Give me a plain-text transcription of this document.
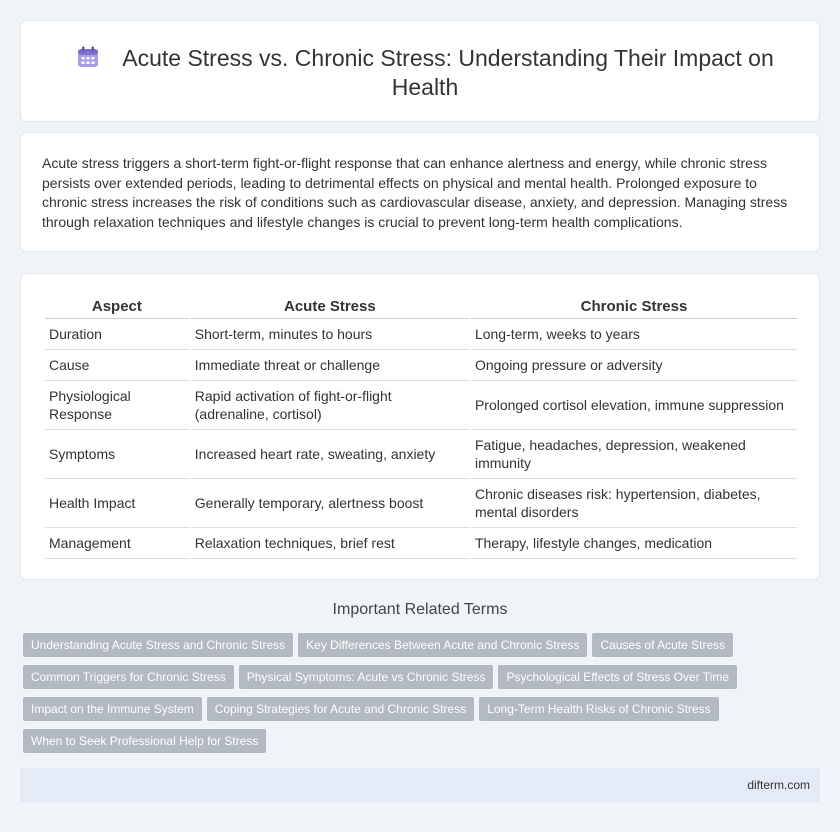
Acute Stress vs. Chronic Stress: Understanding Their Impact on Health

Acute stress triggers a short-term fight-or-flight response that can enhance alertness and energy, while chronic stress persists over extended periods, leading to detrimental effects on physical and mental health. Prolonged exposure to chronic stress increases the risk of conditions such as cardiovascular disease, anxiety, and depression. Managing stress through relaxation techniques and lifestyle changes is crucial to prevent long-term health complications.

Aspect	Acute Stress	Chronic Stress
Duration	Short-term, minutes to hours	Long-term, weeks to years
Cause	Immediate threat or challenge	Ongoing pressure or adversity
Physiological Response	Rapid activation of fight-or-flight (adrenaline, cortisol)	Prolonged cortisol elevation, immune suppression
Symptoms	Increased heart rate, sweating, anxiety	Fatigue, headaches, depression, weakened immunity
Health Impact	Generally temporary, alertness boost	Chronic diseases risk: hypertension, diabetes, mental disorders
Management	Relaxation techniques, brief rest	Therapy, lifestyle changes, medication
Important Related Terms
Understanding Acute Stress and Chronic Stress Key Differences Between Acute and Chronic Stress Causes of Acute Stress
Common Triggers for Chronic Stress Physical Symptoms: Acute vs Chronic Stress Psychological Effects of Stress Over Time
Impact on the Immune System Coping Strategies for Acute and Chronic Stress Long-Term Health Risks of Chronic Stress
When to Seek Professional Help for Stress
difterm.com
